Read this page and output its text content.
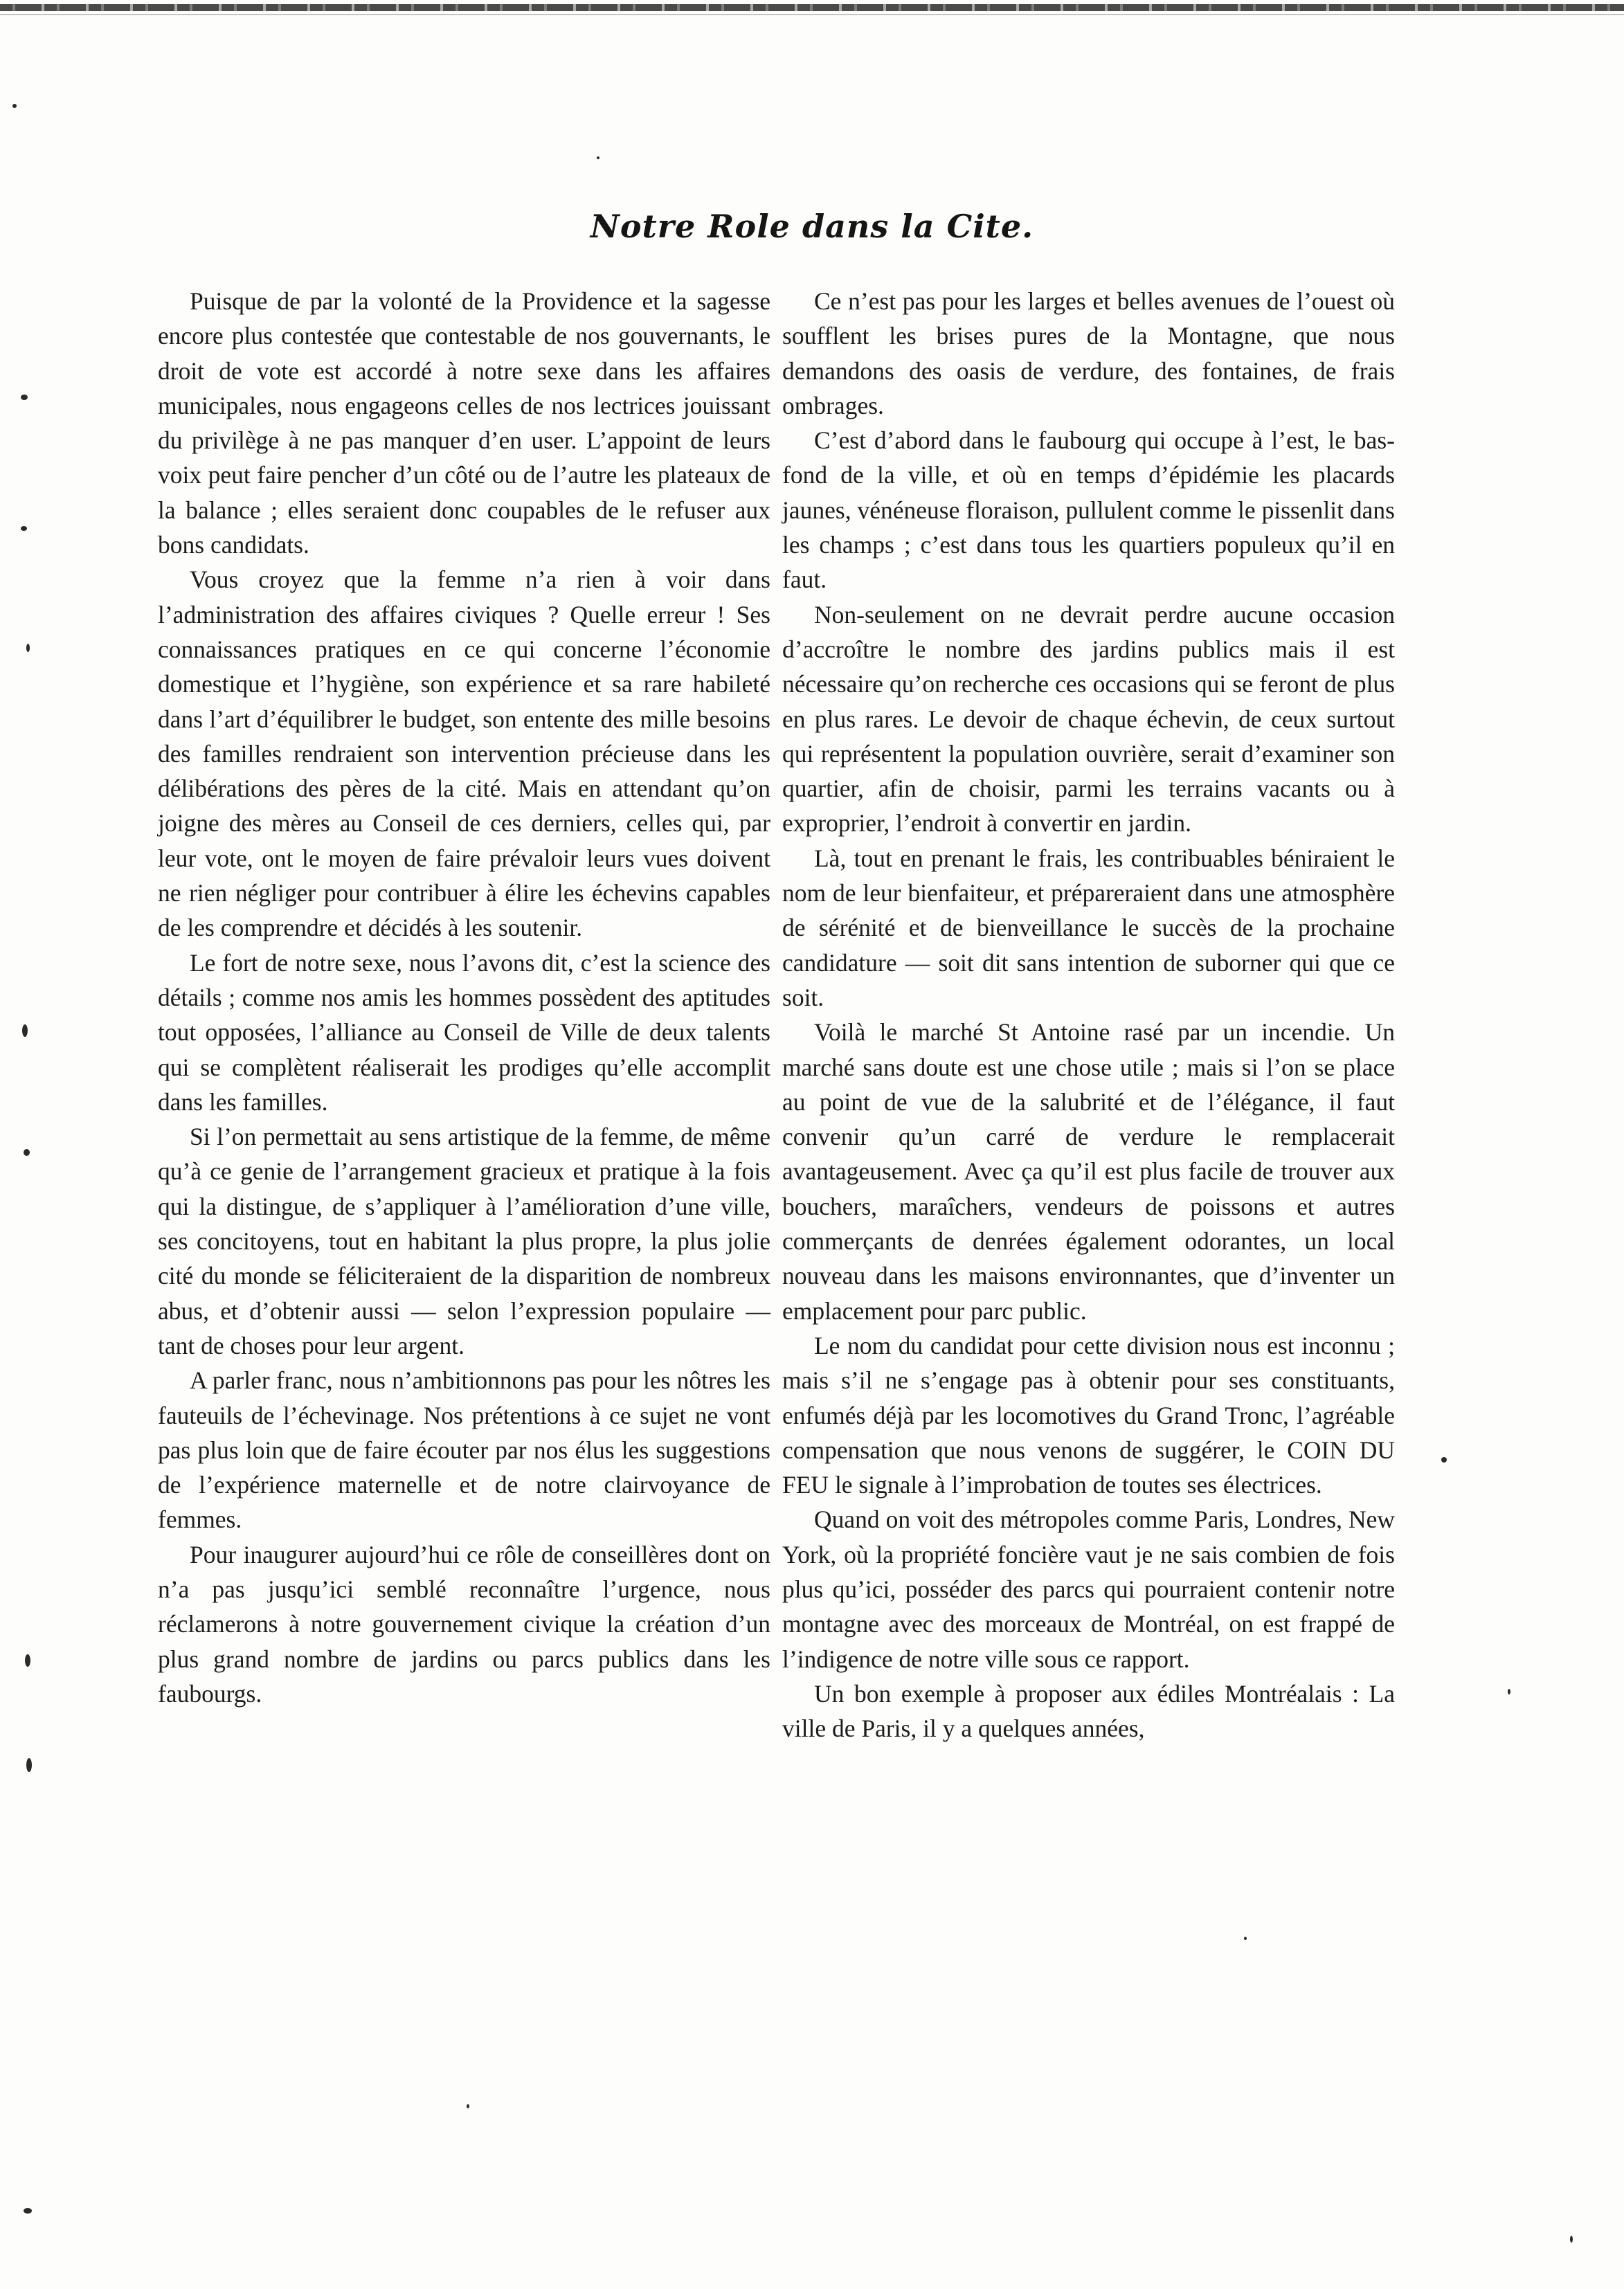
Notre Role dans la Cite.

Puisque de par la volonté de la Providence et la sagesse encore plus contestée que contestable de nos gouvernants, le droit de vote est accordé à notre sexe dans les affaires municipales, nous engageons celles de nos lectrices jouissant du privilège à ne pas manquer d’en user. L’appoint de leurs voix peut faire pencher d’un côté ou de l’autre les plateaux de la balance ; elles seraient donc coupables de le refuser aux bons candidats.

Vous croyez que la femme n’a rien à voir dans l’administration des affaires civiques ? Quelle erreur ! Ses connaissances pratiques en ce qui concerne l’économie domestique et l’hygiène, son expérience et sa rare habileté dans l’art d’équilibrer le budget, son entente des mille besoins des familles rendraient son intervention précieuse dans les délibérations des pères de la cité. Mais en attendant qu’on joigne des mères au Conseil de ces derniers, celles qui, par leur vote, ont le moyen de faire prévaloir leurs vues doivent ne rien négliger pour contribuer à élire les échevins capables de les comprendre et décidés à les soutenir.

Le fort de notre sexe, nous l’avons dit, c’est la science des détails ; comme nos amis les hommes possèdent des aptitudes tout opposées, l’alliance au Conseil de Ville de deux talents qui se complètent réaliserait les prodiges qu’elle accomplit dans les familles.

Si l’on permettait au sens artistique de la femme, de même qu’à ce genie de l’arrangement gracieux et pratique à la fois qui la distingue, de s’appliquer à l’amélioration d’une ville, ses concitoyens, tout en habitant la plus propre, la plus jolie cité du monde se féliciteraient de la disparition de nombreux abus, et d’obtenir aussi — selon l’expression populaire — tant de choses pour leur argent.

A parler franc, nous n’ambitionnons pas pour les nôtres les fauteuils de l’échevinage. Nos prétentions à ce sujet ne vont pas plus loin que de faire écouter par nos élus les suggestions de l’expérience maternelle et de notre clairvoyance de femmes.

Pour inaugurer aujourd’hui ce rôle de conseillères dont on n’a pas jusqu’ici semblé reconnaître l’urgence, nous réclamerons à notre gouvernement civique la création d’un plus grand nombre de jardins ou parcs publics dans les faubourgs.

Ce n’est pas pour les larges et belles avenues de l’ouest où soufflent les brises pures de la Montagne, que nous demandons des oasis de verdure, des fontaines, de frais ombrages.

C’est d’abord dans le faubourg qui occupe à l’est, le bas-fond de la ville, et où en temps d’épidémie les placards jaunes, vénéneuse floraison, pullulent comme le pissenlit dans les champs ; c’est dans tous les quartiers populeux qu’il en faut.

Non-seulement on ne devrait perdre aucune occasion d’accroître le nombre des jardins publics mais il est nécessaire qu’on recherche ces occasions qui se feront de plus en plus rares. Le devoir de chaque échevin, de ceux surtout qui représentent la population ouvrière, serait d’examiner son quartier, afin de choisir, parmi les terrains vacants ou à exproprier, l’endroit à convertir en jardin.

Là, tout en prenant le frais, les contribuables béniraient le nom de leur bienfaiteur, et prépareraient dans une atmosphère de sérénité et de bienveillance le succès de la prochaine candidature — soit dit sans intention de suborner qui que ce soit.

Voilà le marché St Antoine rasé par un incendie. Un marché sans doute est une chose utile ; mais si l’on se place au point de vue de la salubrité et de l’élégance, il faut convenir qu’un carré de verdure le remplacerait avantageusement. Avec ça qu’il est plus facile de trouver aux bouchers, maraîchers, vendeurs de poissons et autres commerçants de denrées également odorantes, un local nouveau dans les maisons environnantes, que d’inventer un emplacement pour parc public.

Le nom du candidat pour cette division nous est inconnu ; mais s’il ne s’engage pas à obtenir pour ses constituants, enfumés déjà par les locomotives du Grand Tronc, l’agréable compensation que nous venons de suggérer, le COIN DU FEU le signale à l’improbation de toutes ses électrices.

Quand on voit des métropoles comme Paris, Londres, New York, où la propriété foncière vaut je ne sais combien de fois plus qu’ici, posséder des parcs qui pourraient contenir notre montagne avec des morceaux de Montréal, on est frappé de l’indigence de notre ville sous ce rapport.

Un bon exemple à proposer aux édiles Montréalais : La ville de Paris, il y a quelques années,
